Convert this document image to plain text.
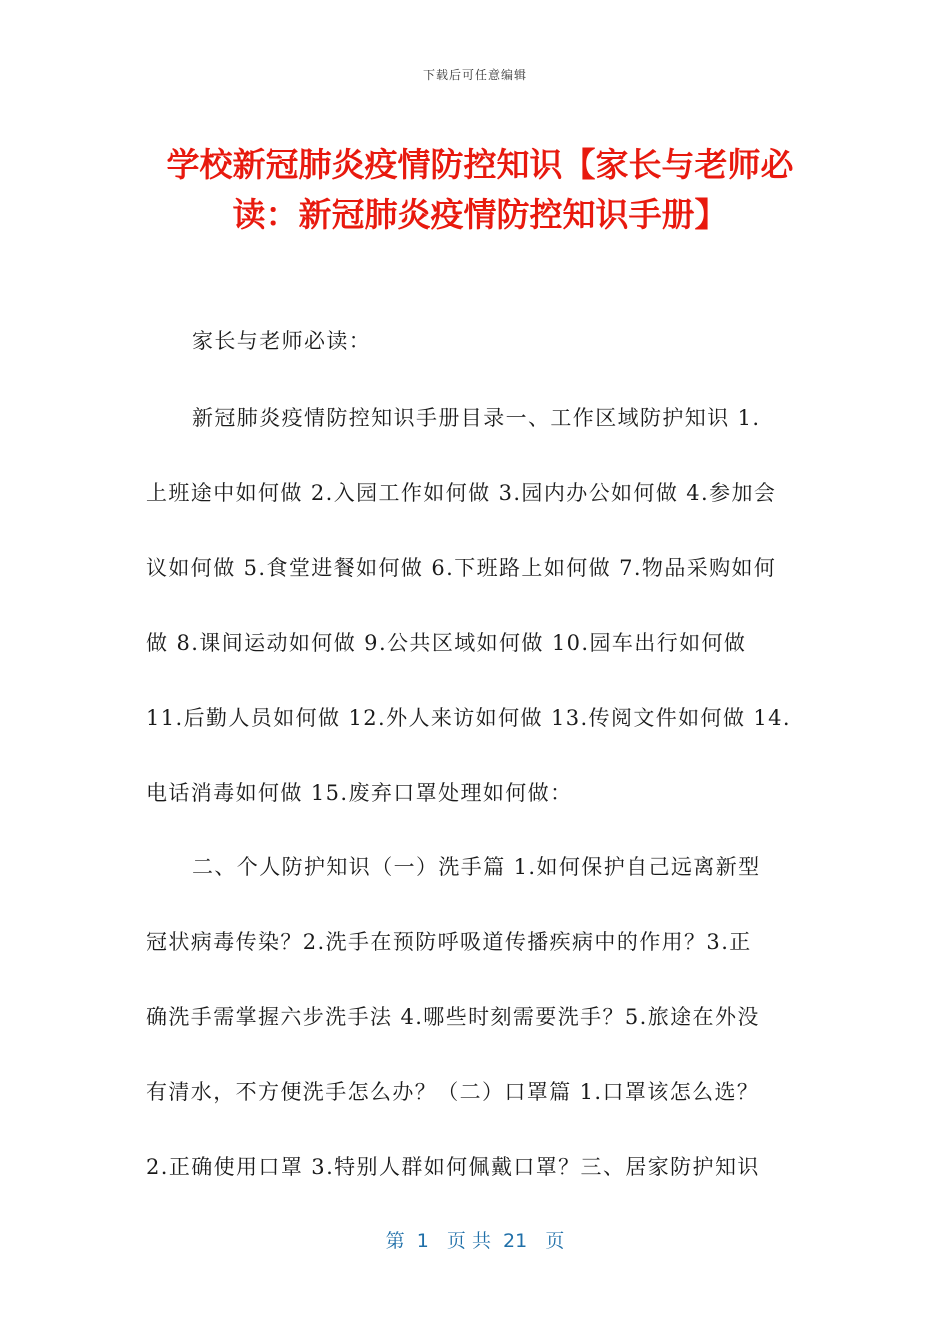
下载后可任意编辑
学校新冠肺炎疫情防控知识【家长与老师必
读：新冠肺炎疫情防控知识手册】
家长与老师必读：
新冠肺炎疫情防控知识手册目录一、工作区域防护知识 1.
上班途中如何做 2.入园工作如何做 3.园内办公如何做 4.参加会
议如何做 5.食堂进餐如何做 6.下班路上如何做 7.物品采购如何
做 8.课间运动如何做 9.公共区域如何做 10.园车出行如何做
11.后勤人员如何做 12.外人来访如何做 13.传阅文件如何做 14.
电话消毒如何做 15.废弃口罩处理如何做：
二、个人防护知识（一）洗手篇 1.如何保护自己远离新型
冠状病毒传染？2.洗手在预防呼吸道传播疾病中的作用？3.正
确洗手需掌握六步洗手法 4.哪些时刻需要洗手？5.旅途在外没
有清水，不方便洗手怎么办？（二）口罩篇 1.口罩该怎么选？
2.正确使用口罩 3.特别人群如何佩戴口罩？三、居家防护知识
第  1   页 共  21   页
